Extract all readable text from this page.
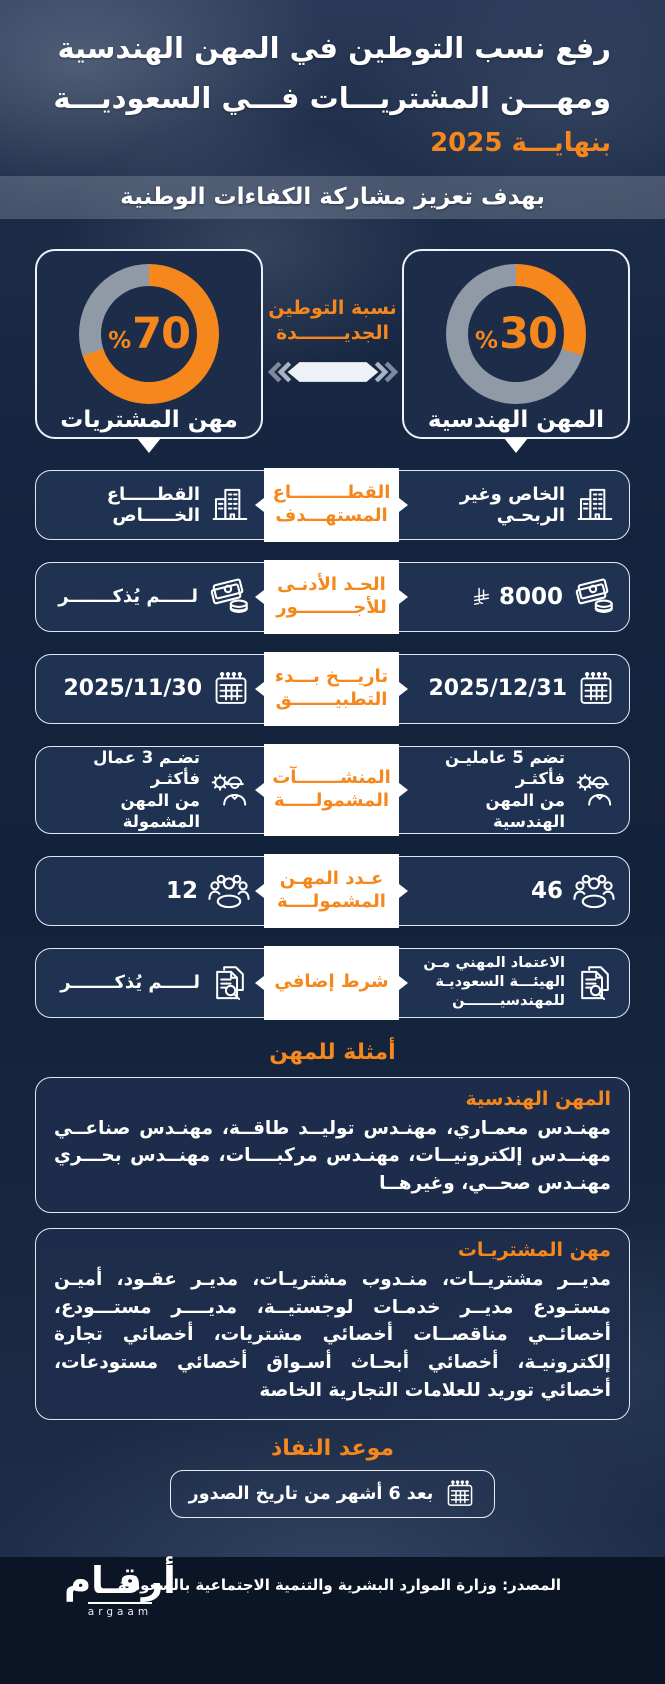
رفع نسب التوطين في المهن الهندسية
ومهـــن المشتريـــات فـــي السعوديـــة
بنهايـــة 2025
بهدف تعزيز مشاركة الكفاءات الوطنية
% 30
المهن الهندسية
نسبة التوطين
الجديـــــــدة
% 70
مهن المشتريات
الخاص وغير الربحـي
القطـــــــــاع
المستهـــدف
القطـــــاع الخـــــاص
8000
الحـد الأدنـى
للأجـــــــــور
لـــــم يُذكـــــــر
2025/12/31
تاريـــخ بـــدء
التطبيـــــــق
2025/11/30
تضم 5 عامليـن فأكثـر
من المهن الهندسية
المنشـــــــآت
المشمولـــــة
تضـم 3 عمال فأكثـر
من المهن المشمولة
46
عـدد المهـن
المشمولــــة
12
الاعتماد المهني مـن
الهيئـــة السعوديـة
للمهندسيـــــــن
شرط إضافي
لـــــم يُذكـــــــر
أمثلة للمهن
المهن الهندسية
مهنـدس معمـاري، مهنـدس توليــد طاقــة، مهنـدس صناعــي مهنــدس إلكترونيــات، مهنـدس مركبــــات، مهنــدس بحـــري مهنـدس صحــي، وغيرهــا
مهن المشتريـات
مديــر مشتريــات، منـدوب مشتريـات، مديـر عقـود، أميـن مستـودع مديــر خدمـات لوجستيــة، مديــــر مستـــودع، أخصائــي مناقصــات أخصائي مشتريات، أخصائي تجارة إلكترونيـة، أخصائي أبحـاث أسـواق أخصائي مستودعات، أخصائي توريد للعلامات التجارية الخاصة
موعد النفاذ
بعد 6 أشهر من تاريخ الصدور
أرقـام
argaam
المصدر: وزارة الموارد البشرية والتنمية الاجتماعية بالسعودية
